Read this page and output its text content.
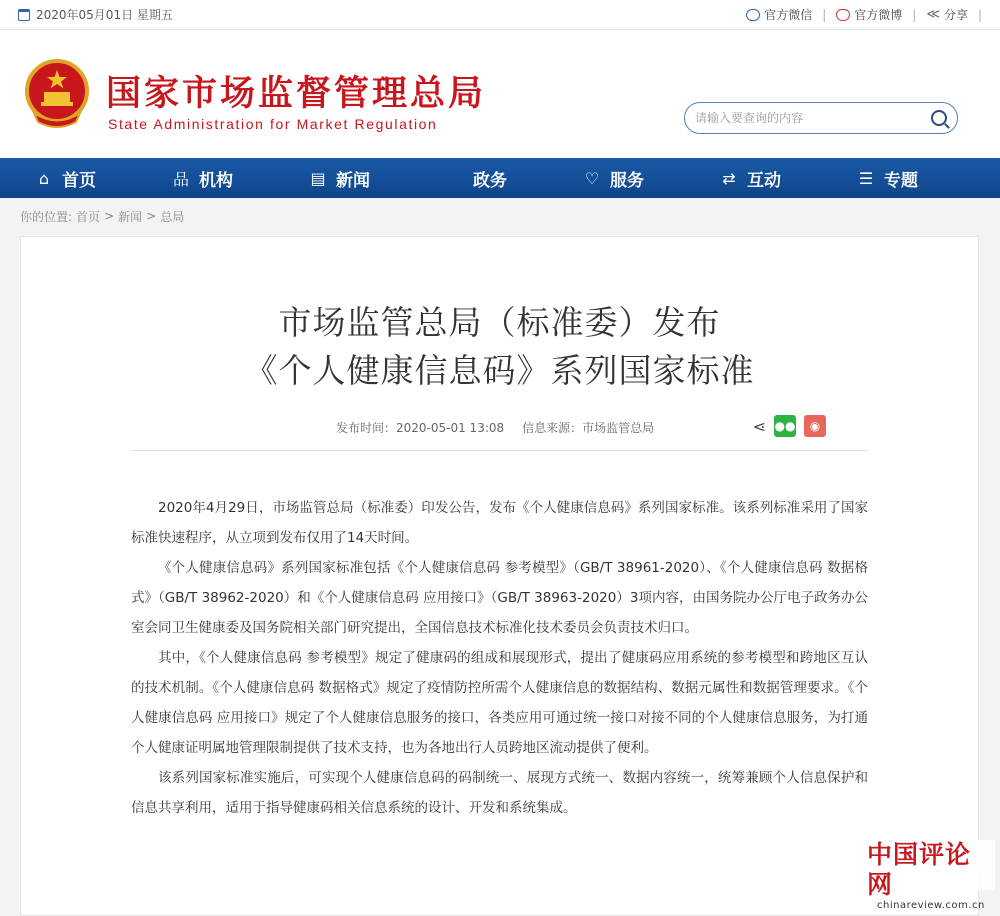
2020年05月01日 星期五	官方微信 | 官方微博 | ≪ 分享 |
国家市场监督管理总局
State Administration for Market Regulation
请输入要查询的内容
⌂ 首页	品 机构	▤ 新闻	政务	♡ 服务	⇄ 互动	☰ 专题
你的位置: 首页 > 新闻 > 总局
市场监管总局（标准委）发布
《个人健康信息码》系列国家标准
发布时间：2020-05-01 13:08 信息来源：市场监管总局	⋖ ●● ◉

2020年4月29日，市场监管总局（标准委）印发公告，发布《个人健康信息码》系列国家标准。该系列标准采用了国家标准快速程序，从立项到发布仅用了14天时间。

《个人健康信息码》系列国家标准包括《个人健康信息码 参考模型》（GB/T 38961-2020）、《个人健康信息码 数据格式》（GB/T 38962-2020）和《个人健康信息码 应用接口》（GB/T 38963-2020）3项内容，由国务院办公厅电子政务办公室会同卫生健康委及国务院相关部门研究提出，全国信息技术标准化技术委员会负责技术归口。

其中，《个人健康信息码 参考模型》规定了健康码的组成和展现形式，提出了健康码应用系统的参考模型和跨地区互认的技术机制。《个人健康信息码 数据格式》规定了疫情防控所需个人健康信息的数据结构、数据元属性和数据管理要求。《个人健康信息码 应用接口》规定了个人健康信息服务的接口，各类应用可通过统一接口对接不同的个人健康信息服务，为打通个人健康证明属地管理限制提供了技术支持，也为各地出行人员跨地区流动提供了便利。

该系列国家标准实施后，可实现个人健康信息码的码制统一、展现方式统一、数据内容统一，统筹兼顾个人信息保护和信息共享利用，适用于指导健康码相关信息系统的设计、开发和系统集成。

中国评论网
chinareview.com.cn
